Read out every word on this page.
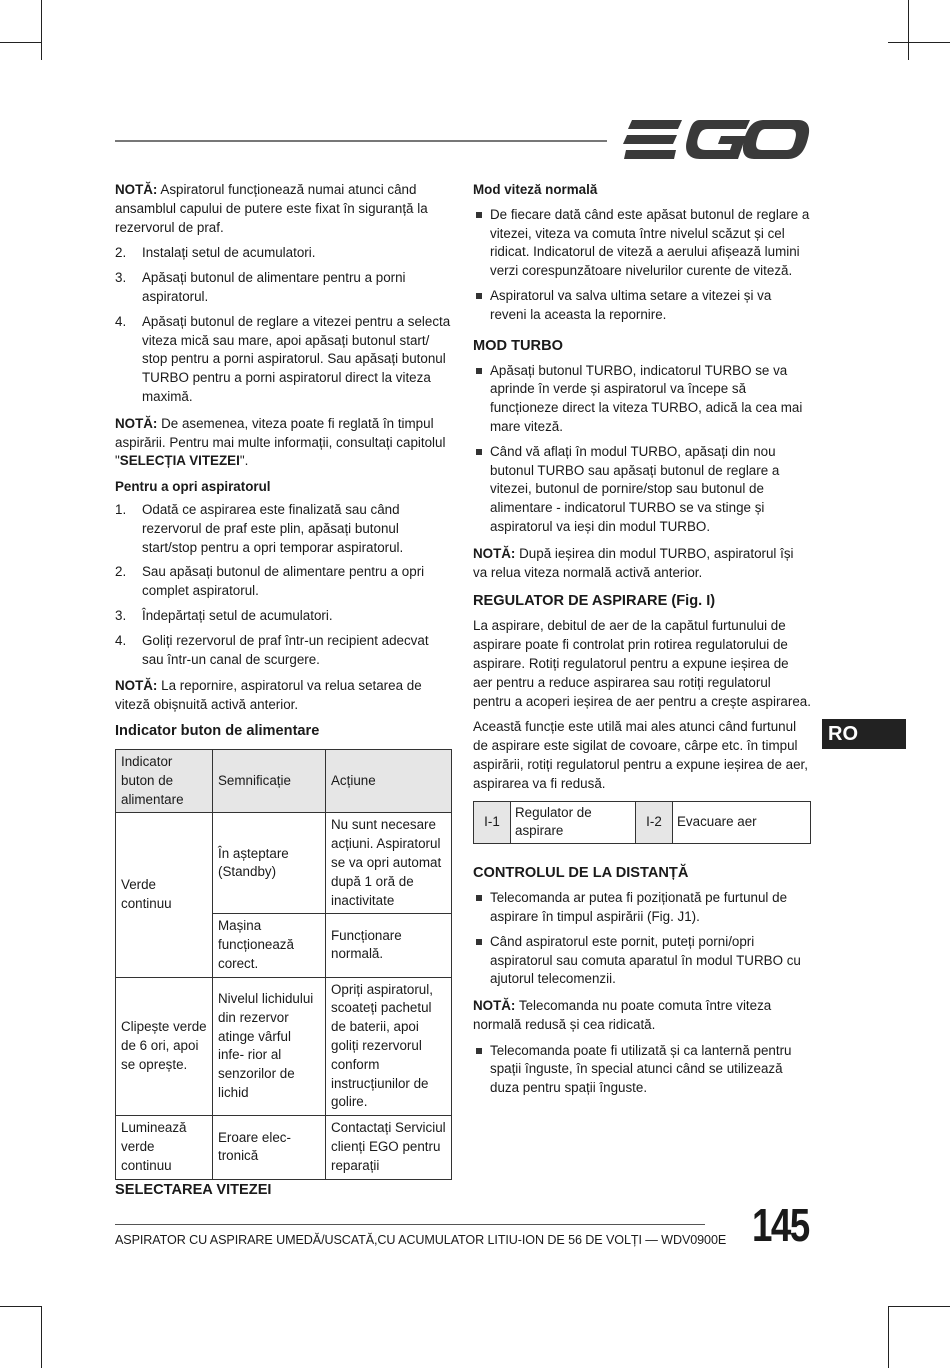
NOTĂ: Aspiratorul funcționează numai atunci când ansamblul capului de putere este fixat în siguranță la rezervorul de praf.

2.	Instalați setul de acumulatori.
3.	Apăsați butonul de alimentare pentru a porni aspiratorul.
4.	Apăsați butonul de reglare a vitezei pentru a selecta viteza mică sau mare, apoi apăsați butonul start/ stop pentru a porni aspiratorul. Sau apăsați butonul TURBO pentru a porni aspiratorul direct la viteza maximă.

NOTĂ: De asemenea, viteza poate fi reglată în timpul aspirării. Pentru mai multe informații, consultați capitolul "SELECȚIA VITEZEI".

Pentru a opri aspiratorul
1.	Odată ce aspirarea este finalizată sau când rezervorul de praf este plin, apăsați butonul start/stop pentru a opri temporar aspiratorul.
2.	Sau apăsați butonul de alimentare pentru a opri complet aspiratorul.
3.	Îndepărtați setul de acumulatori.
4.	Goliți rezervorul de praf într-un recipient adecvat sau într-un canal de scurgere.

NOTĂ: La repornire, aspiratorul va relua setarea de viteză obișnuită activă anterior.

Indicator buton de alimentare
Indicator buton de alimentare	Semnificație	Acțiune
Verde continuu	În așteptare (Standby)	Nu sunt necesare acțiuni. Aspiratorul se va opri automat după 1 oră de inactivitate
	Mașina funcționează corect.	Funcționare normală.
Clipește verde de 6 ori, apoi se oprește.	Nivelul lichidului din rezervor atinge vârful infe- rior al senzorilor de lichid	Opriți aspiratorul, scoateți pachetul de baterii, apoi goliți rezervorul conform instrucțiunilor de golire.
Luminează verde continuu	Eroare elec- tronică	Contactați Serviciul clienți EGO pentru reparații
SELECTAREA VITEZEI
Mod viteză normală
De fiecare dată când este apăsat butonul de reglare a vitezei, viteza va comuta între nivelul scăzut și cel ridicat. Indicatorul de viteză a aerului afișează lumini verzi corespunzătoare nivelurilor curente de viteză.
Aspiratorul va salva ultima setare a vitezei și va reveni la aceasta la repornire.
MOD TURBO
Apăsați butonul TURBO, indicatorul TURBO se va aprinde în verde și aspiratorul va începe să funcționeze direct la viteza TURBO, adică la cea mai mare viteză.
Când vă aflați în modul TURBO, apăsați din nou butonul TURBO sau apăsați butonul de reglare a vitezei, butonul de pornire/stop sau butonul de alimentare - indicatorul TURBO se va stinge și aspiratorul va ieși din modul TURBO.

NOTĂ: După ieșirea din modul TURBO, aspiratorul își va relua viteza normală activă anterior.

REGULATOR DE ASPIRARE (Fig. I)

La aspirare, debitul de aer de la capătul furtunului de aspirare poate fi controlat prin rotirea regulatorului de aspirare. Rotiți regulatorul pentru a expune ieșirea de aer pentru a reduce aspirarea sau rotiți regulatorul pentru a acoperi ieșirea de aer pentru a crește aspirarea.

Această funcție este utilă mai ales atunci când furtunul de aspirare este sigilat de covoare, cârpe etc. în timpul aspirării, rotiți regulatorul pentru a expune ieșirea de aer, aspirarea va fi redusă.

I-1	Regulator de aspirare	I-2	Evacuare aer
CONTROLUL DE LA DISTANȚĂ
Telecomanda ar putea fi poziționată pe furtunul de aspirare în timpul aspirării (Fig. J1).
Când aspiratorul este pornit, puteți porni/opri aspiratorul sau comuta aparatul în modul TURBO cu ajutorul telecomenzii.

NOTĂ: Telecomanda nu poate comuta între viteza normală redusă și cea ridicată.

Telecomanda poate fi utilizată și ca lanternă pentru spații înguste, în special atunci când se utilizează duza pentru spații înguste.
RO
ASPIRATOR CU ASPIRARE UMEDĂ/USCATĂ,CU ACUMULATOR LITIU-ION DE 56 DE VOLȚI — WDV0900E 145
